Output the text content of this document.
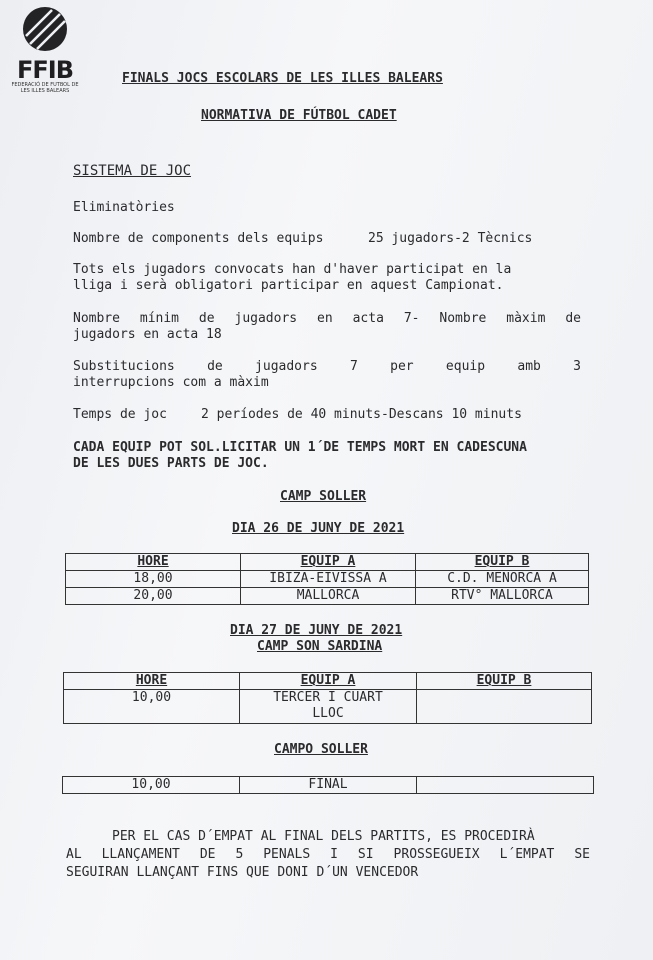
FFIB
FEDERACIÓ DE FUTBOL DE LES ILLES BALEARS
FINALS JOCS ESCOLARS DE LES ILLES BALEARS
NORMATIVA DE FÚTBOL CADET
SISTEMA DE JOC
Eliminatòries
Nombre de components dels equips	25 jugadors-2 Tècnics
Tots els jugadors convocats han d'haver participat en la
lliga i serà obligatori participar en aquest Campionat.
Nombre mínim de jugadors en acta 7- Nombre màxim de
jugadors en acta 18
Substitucions de jugadors 7 per equip amb 3
interrupcions com a màxim
Temps de joc	2 períodes de 40 minuts-Descans 10 minuts
CADA EQUIP POT SOL.LICITAR UN 1´DE TEMPS MORT EN CADESCUNA
DE LES DUES PARTS DE JOC.
CAMP SOLLER
DIA 26 DE JUNY DE 2021
HORE	EQUIP A	EQUIP B
18,00	IBIZA-EIVISSA A	C.D. MENORCA A
20,00	MALLORCA	RTV° MALLORCA
DIA 27 DE JUNY DE 2021
CAMP SON SARDINA
HORE	EQUIP A	EQUIP B
10,00	TERCER I CUART
LLOC	

CAMPO SOLLER
10,00	FINAL	
PER EL CAS D´EMPAT AL FINAL DELS PARTITS, ES PROCEDIRÀ
AL LLANÇAMENT DE 5 PENALS I SI PROSSEGUEIX L´EMPAT SE
SEGUIRAN LLANÇANT FINS QUE DONI D´UN VENCEDOR
